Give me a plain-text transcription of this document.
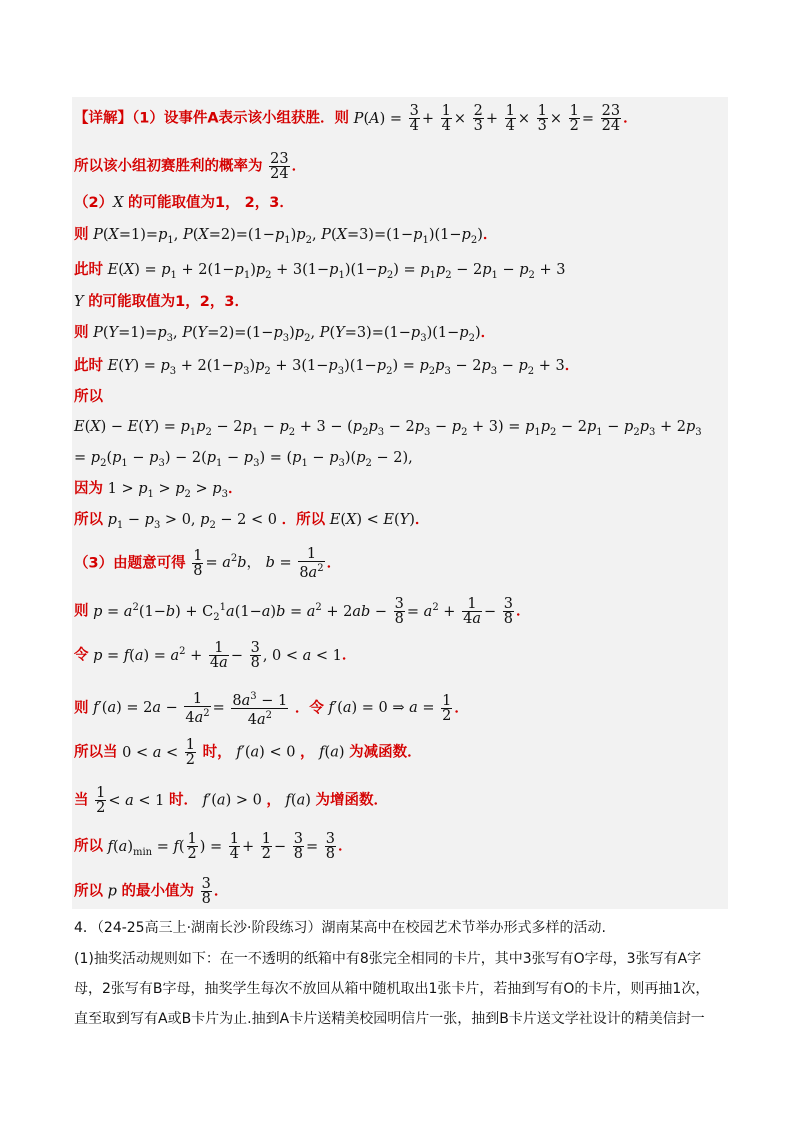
【详解】（1）设事件A表示该小组获胜．则 $P(A) = \frac{3}{4} + \frac{1}{4} \times \frac{2}{3} + \frac{1}{4} \times \frac{1}{3} \times \frac{1}{2} = \frac{23}{24}$ ．
所以该小组初赛胜利的概率为 $\frac{23}{24}$ ．
（2）X 的可能取值为1， 2，3．
则 $P(X=1)=p_1$, $P(X=2)=(1-p_1)p_2$, $P(X=3)=(1-p_1)(1-p_2)$．
此时 $E(X) = p_1 + 2(1-p_1)p_2 + 3(1-p_1)(1-p_2) = p_1p_2 - 2p_1 - p_2 + 3$
Y 的可能取值为1，2，3．
则 $P(Y=1)=p_3$, $P(Y=2)=(1-p_3)p_2$, $P(Y=3)=(1-p_3)(1-p_2)$．
此时 $E(Y) = p_3 + 2(1-p_3)p_2 + 3(1-p_3)(1-p_2) = p_2p_3 - 2p_3 - p_2 + 3$．
所以
$E(X) - E(Y) = p_1p_2 - 2p_1 - p_2 + 3 - (p_2p_3 - 2p_3 - p_2 + 3) = p_1p_2 - 2p_1 - p_2p_3 + 2p_3$
= $p_2(p_1 - p_3) - 2(p_1 - p_3) = (p_1 - p_3)(p_2 - 2)$,
因为 $1 > p_1 > p_2 > p_3$．
所以 $p_1 - p_3 > 0$, $p_2 - 2 < 0$ ．所以 E(X) < E(Y)．
（3）由题意可得 $\frac{1}{8} = a^2b$， $b = \frac{1}{8a^2}$ ．
则 $p = a^2(1-b) + C_2^1a(1-a)b = a^2 + 2ab - \frac{3}{8} = a^2 + \frac{1}{4a} - \frac{3}{8}$ ．
令 $p = f(a) = a^2 + \frac{1}{4a} - \frac{3}{8}$ , 0 < a < 1．
则 $f'(a) = 2a - \frac{1}{4a^2} = \frac{8a^3 - 1}{4a^2}$ ．令 f′(a) = 0 ⇒ $a = \frac{1}{2}$ ．
所以当 $0 < a < \frac{1}{2}$ 时， f′(a) < 0 ， f(a) 为减函数．
当 $\frac{1}{2} < a < 1$ 时． f′(a) > 0 ， f(a) 为增函数．
所以 $f(a)_{min} = f( \frac{1}{2}$ ) = $\frac{1}{4} + \frac{1}{2} - \frac{3}{8} = \frac{3}{8}$ ．
所以 p 的最小值为 $\frac{3}{8}$ ．
4．（24-25高三上·湖南长沙·阶段练习）湖南某高中在校园艺术节举办形式多样的活动.
(1)抽奖活动规则如下：在一不透明的纸箱中有8张完全相同的卡片，其中3张写有O字母，3张写有A字
母，2张写有B字母，抽奖学生每次不放回从箱中随机取出1张卡片，若抽到写有O的卡片，则再抽1次，
直至取到写有A或B卡片为止.抽到A卡片送精美校园明信片一张，抽到B卡片送文学社设计的精美信封一
